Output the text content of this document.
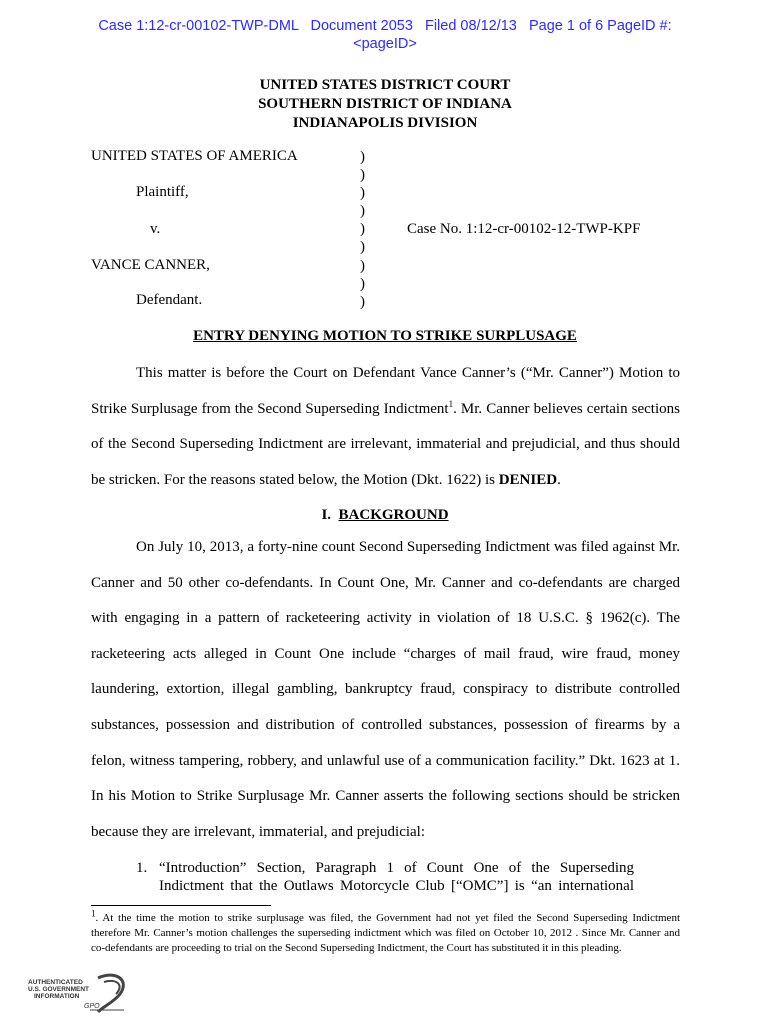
Case 1:12-cr-00102-TWP-DML   Document 2053   Filed 08/12/13   Page 1 of 6 PageID #:
<pageID>
UNITED STATES DISTRICT COURT
SOUTHERN DISTRICT OF INDIANA
INDIANAPOLIS DIVISION
UNITED STATES OF AMERICA
Plaintiff,
v.
VANCE CANNER,
Defendant.
Case No. 1:12-cr-00102-12-TWP-KPF
)
)
)
)
)
)
)
)
)
ENTRY DENYING MOTION TO STRIKE SURPLUSAGE
This matter is before the Court on Defendant Vance Canner’s (“Mr. Canner”) Motion to Strike Surplusage from the Second Superseding Indictment$^1$. Mr. Canner believes certain sections of the Second Superseding Indictment are irrelevant, immaterial and prejudicial, and thus should be stricken. For the reasons stated below, the Motion (Dkt. 1622) is DENIED.
I. BACKGROUND
On July 10, 2013, a forty-nine count Second Superseding Indictment was filed against Mr. Canner and 50 other co-defendants. In Count One, Mr. Canner and co-defendants are charged with engaging in a pattern of racketeering activity in violation of 18 U.S.C. § 1962(c). The racketeering acts alleged in Count One include “charges of mail fraud, wire fraud, money laundering, extortion, illegal gambling, bankruptcy fraud, conspiracy to distribute controlled substances, possession and distribution of controlled substances, possession of firearms by a felon, witness tampering, robbery, and unlawful use of a communication facility.” Dkt. 1623 at 1. In his Motion to Strike Surplusage Mr. Canner asserts the following sections should be stricken because they are irrelevant, immaterial, and prejudicial:
1. “Introduction” Section, Paragraph 1 of Count One of the Superseding
Indictment that the Outlaws Motorcycle Club [“OMC”] is “an international
$^1$. At the time the motion to strike surplusage was filed, the Government had not yet filed the Second Superseding Indictment therefore Mr. Canner’s motion challenges the superseding indictment which was filed on October 10, 2012 . Since Mr. Canner and co-defendants are proceeding to trial on the Second Superseding Indictment, the Court has substituted it in this pleading.
AUTHENTICATED
U.S. GOVERNMENT
INFORMATION
GPO
